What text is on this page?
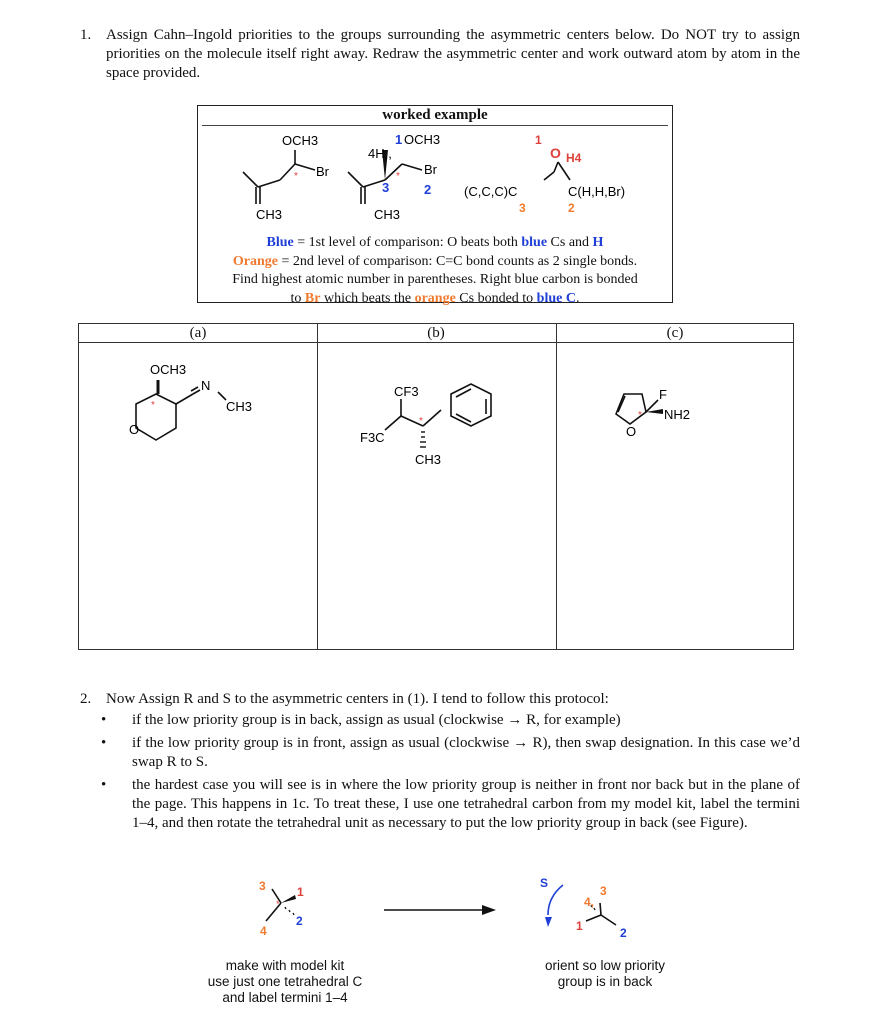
1. Assign Cahn–Ingold priorities to the groups surrounding the asymmetric centers below. Do NOT try to assign priorities on the molecule itself right away. Redraw the asymmetric center and work outward atom by atom in the space provided.
worked example
OCH3
Br
CH3
*
1 OCH3
4H,,
Br
3	2
CH3
*
1
O H4
(C,C,C)C	C(H,H,Br)
3	2
Blue = 1st level of comparison: O beats both blue Cs and H
Orange = 2nd level of comparison: C=C bond counts as 2 single bonds.
Find highest atomic number in parentheses. Right blue carbon is bonded
to Br which beats the orange Cs bonded to blue C.
(a)	(b)	(c)
OCH3
N
CH3
O
*
CF3
F3C
CH3
*
F
NH2
O
*
2. Now Assign R and S to the asymmetric centers in (1). I tend to follow this protocol:
• if the low priority group is in back, assign as usual (clockwise → R, for example)
• if the low priority group is in front, assign as usual (clockwise → R), then swap designation. In this case we’d swap R to S.
• the hardest case you will see is in where the low priority group is neither in front nor back but in the plane of the page. This happens in 1c. To treat these, I use one tetrahedral carbon from my model kit, label the termini 1–4, and then rotate the tetrahedral unit as necessary to put the low priority group in back (see Figure).
3	1
2
4
*
S
3
4,
1	2
make with model kit
use just one tetrahedral C
and label termini 1–4
orient so low priority
group is in back
